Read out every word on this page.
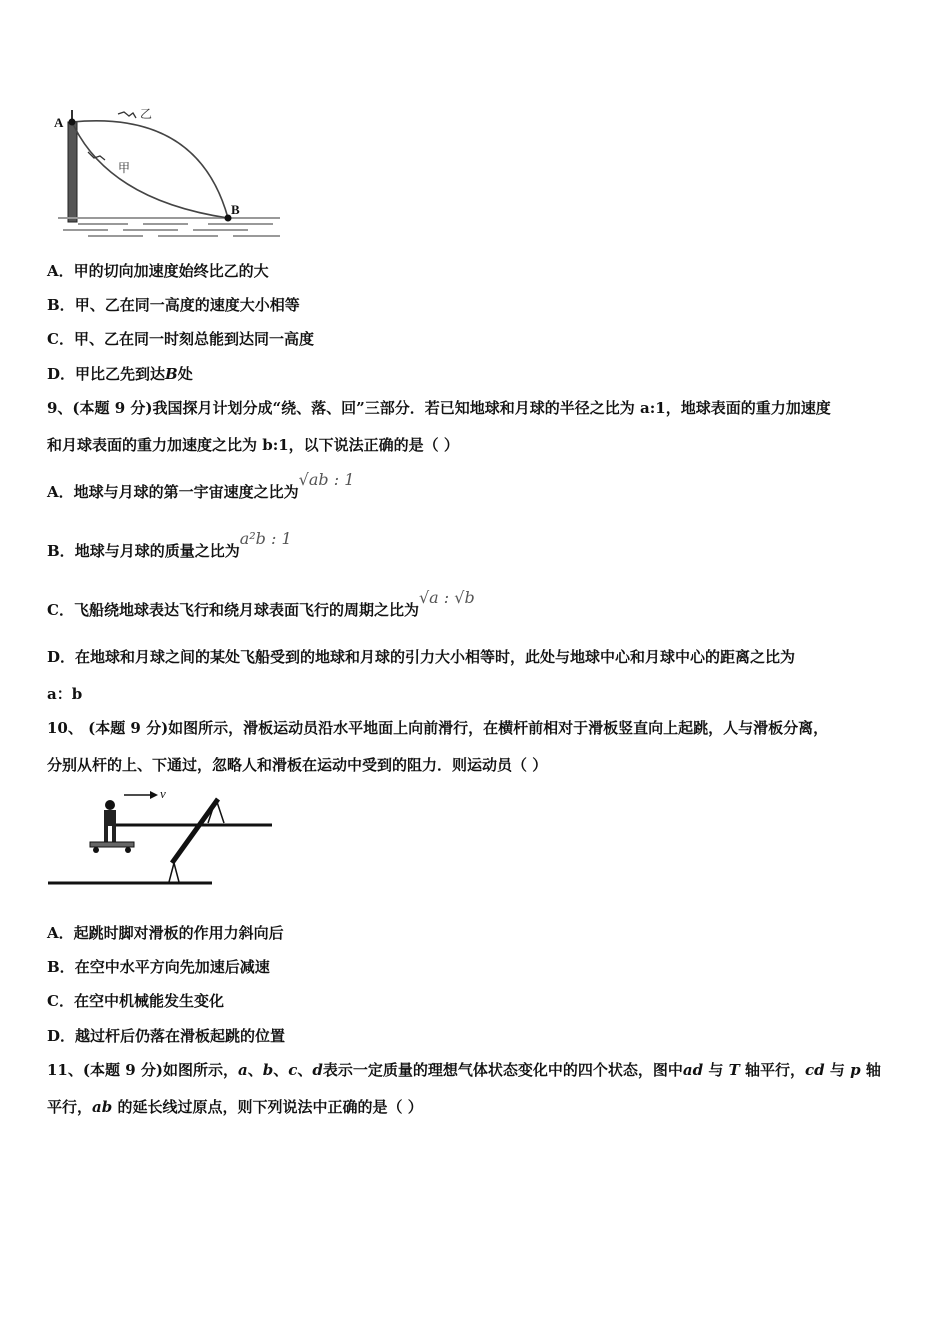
A
B
乙
甲
A．甲的切向加速度始终比乙的大
B．甲、乙在同一高度的速度大小相等
C．甲、乙在同一时刻总能到达同一高度
D．甲比乙先到达B处
9、(本题 9 分)我国探月计划分成“绕、落、回”三部分．若已知地球和月球的半径之比为 a:1，地球表面的重力加速度
和月球表面的重力加速度之比为 b:1，以下说法正确的是（ ）
A．地球与月球的第一宇宙速度之比为√ab : 1
B．地球与月球的质量之比为a²b : 1
C．飞船绕地球表达飞行和绕月球表面飞行的周期之比为√a : √b
D．在地球和月球之间的某处飞船受到的地球和月球的引力大小相等时，此处与地球中心和月球中心的距离之比为
a：b
10、 (本题 9 分)如图所示，滑板运动员沿水平地面上向前滑行，在横杆前相对于滑板竖直向上起跳，人与滑板分离，
分别从杆的上、下通过，忽略人和滑板在运动中受到的阻力．则运动员（ ）
v
A．起跳时脚对滑板的作用力斜向后
B．在空中水平方向先加速后减速
C．在空中机械能发生变化
D．越过杆后仍落在滑板起跳的位置
11、(本题 9 分)如图所示，a、b、c、d表示一定质量的理想气体状态变化中的四个状态，图中ad 与 T 轴平行，cd 与 p 轴
平行，ab 的延长线过原点，则下列说法中正确的是（ ）
